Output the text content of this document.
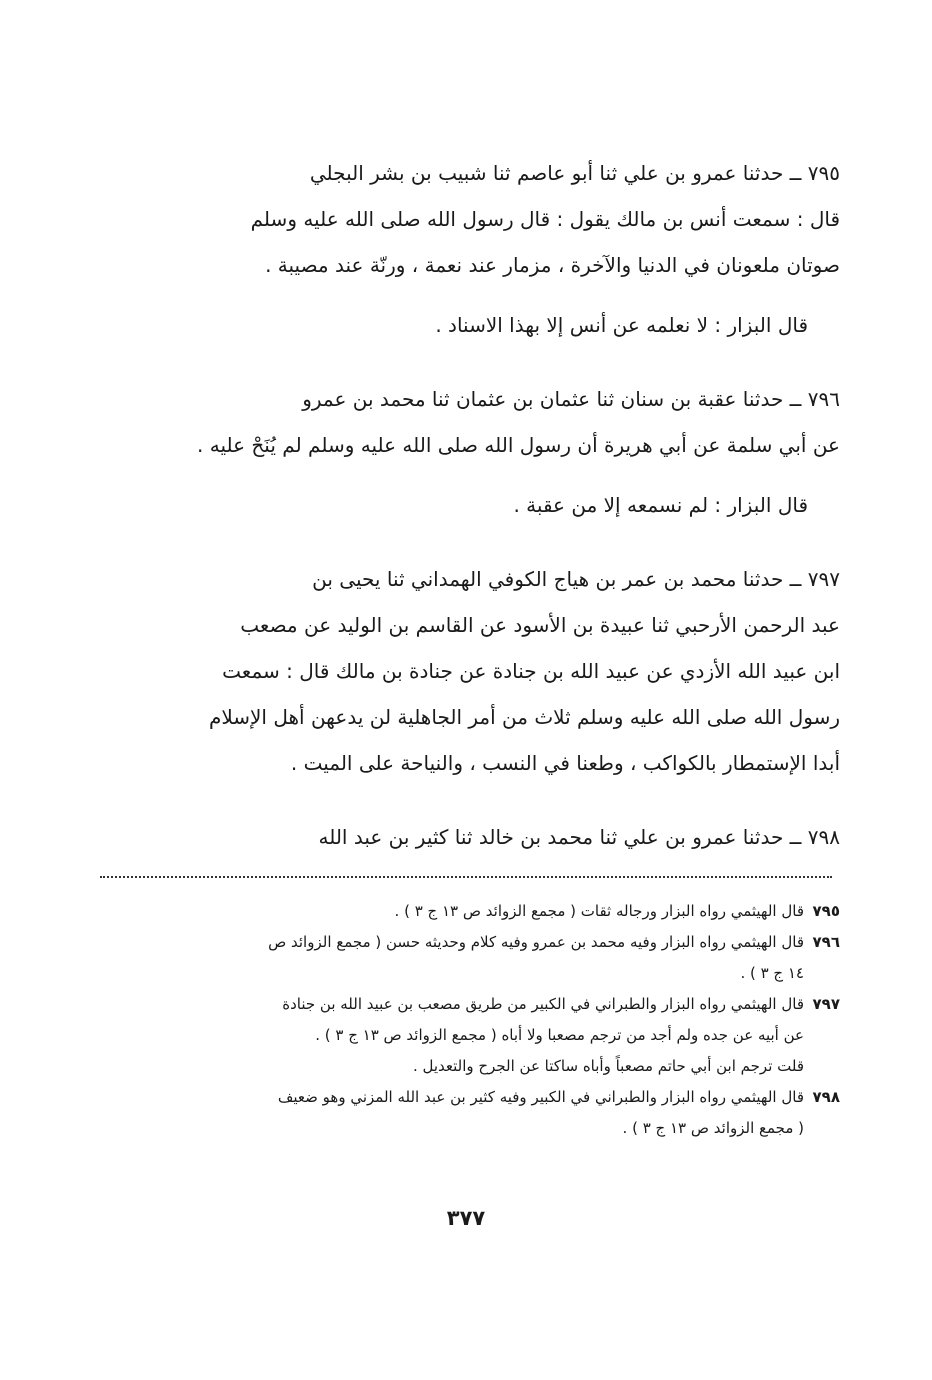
٧٩٥ ــ حدثنا عمرو بن علي ثنا أبو عاصم ثنا شبيب بن بشر البجلي

قال : سمعت أنس بن مالك يقول : قال رسول الله صلى الله عليه وسلم

صوتان ملعونان في الدنيا والآخرة ، مزمار عند نعمة ، ورنّة عند مصيبة .

قال البزار : لا نعلمه عن أنس إلا بهذا الاسناد .

٧٩٦ ــ حدثنا عقبة بن سنان ثنا عثمان بن عثمان ثنا محمد بن عمرو

عن أبي سلمة عن أبي هريرة أن رسول الله صلى الله عليه وسلم لم يُنَحْ عليه .

قال البزار : لم نسمعه إلا من عقبة .

٧٩٧ ــ حدثنا محمد بن عمر بن هياج الكوفي الهمداني ثنا يحيى بن

عبد الرحمن الأرحبي ثنا عبيدة بن الأسود عن القاسم بن الوليد عن مصعب

ابن عبيد الله الأزدي عن عبيد الله بن جنادة عن جنادة بن مالك قال : سمعت

رسول الله صلى الله عليه وسلم ثلاث من أمر الجاهلية لن يدعهن أهل الإسلام

أبدا الإستمطار بالكواكب ، وطعنا في النسب ، والنياحة على الميت .

٧٩٨ ــ حدثنا عمرو بن علي ثنا محمد بن خالد ثنا كثير بن عبد الله

٧٩٥
قال الهيثمي رواه البزار ورجاله ثقات ( مجمع الزوائد ص ١٣ ج ٣ ) .
٧٩٦
قال الهيثمي رواه البزار وفيه محمد بن عمرو وفيه كلام وحديثه حسن ( مجمع الزوائد ص
١٤ ج ٣ ) .
٧٩٧
قال الهيثمي رواه البزار والطبراني في الكبير من طريق مصعب بن عبيد الله بن جنادة
عن أبيه عن جده ولم أجد من ترجم مصعبا ولا أباه ( مجمع الزوائد ص ١٣ ج ٣ ) .
قلت ترجم ابن أبي حاتم مصعباً وأباه ساكتا عن الجرح والتعديل .
٧٩٨
قال الهيثمي رواه البزار والطبراني في الكبير وفيه كثير بن عبد الله المزني وهو ضعيف
( مجمع الزوائد ص ١٣ ج ٣ ) .
٣٧٧
